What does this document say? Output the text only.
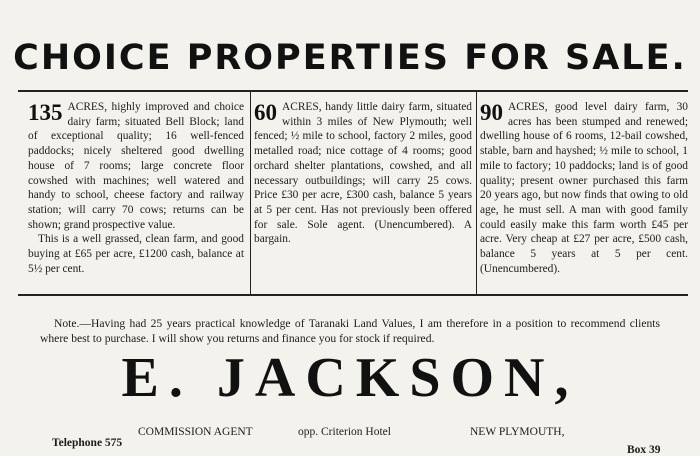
CHOICE PROPERTIES FOR SALE.
135 ACRES, highly improved and choice dairy farm; situated Bell Block; land of exceptional quality; 16 well-fenced paddocks; nicely sheltered good dwelling house of 7 rooms; large concrete floor cowshed with machines; well watered and handy to school, cheese factory and railway station; will carry 70 cows; returns can be shown; grand prospective value.

This is a well grassed, clean farm, and good buying at £65 per acre, £1200 cash, balance at 5½ per cent.

60 ACRES, handy little dairy farm, situated within 3 miles of New Plymouth; well fenced; ½ mile to school, factory 2 miles, good metalled road; nice cottage of 4 rooms; good orchard shelter plantations, cowshed, and all necessary outbuildings; will carry 25 cows. Price £30 per acre, £300 cash, balance 5 years at 5 per cent. Has not previously been offered for sale. Sole agent. (Unencumbered). A bargain.

90 ACRES, good level dairy farm, 30 acres has been stumped and renewed; dwelling house of 6 rooms, 12-bail cowshed, stable, barn and hayshed; ½ mile to school, 1 mile to factory; 10 paddocks; land is of good quality; present owner purchased this farm 20 years ago, but now finds that owing to old age, he must sell. A man with good family could easily make this farm worth £45 per acre. Very cheap at £27 per acre, £500 cash, balance 5 years at 5 per cent. (Unencumbered).

Note.—Having had 25 years practical knowledge of Taranaki Land Values, I am therefore in a position to recommend clients where best to purchase. I will show you returns and finance you for stock if required.
E. JACKSON,
Telephone 575
COMMISSION AGENT	opp. Criterion Hotel	NEW PLYMOUTH,
Box 39
